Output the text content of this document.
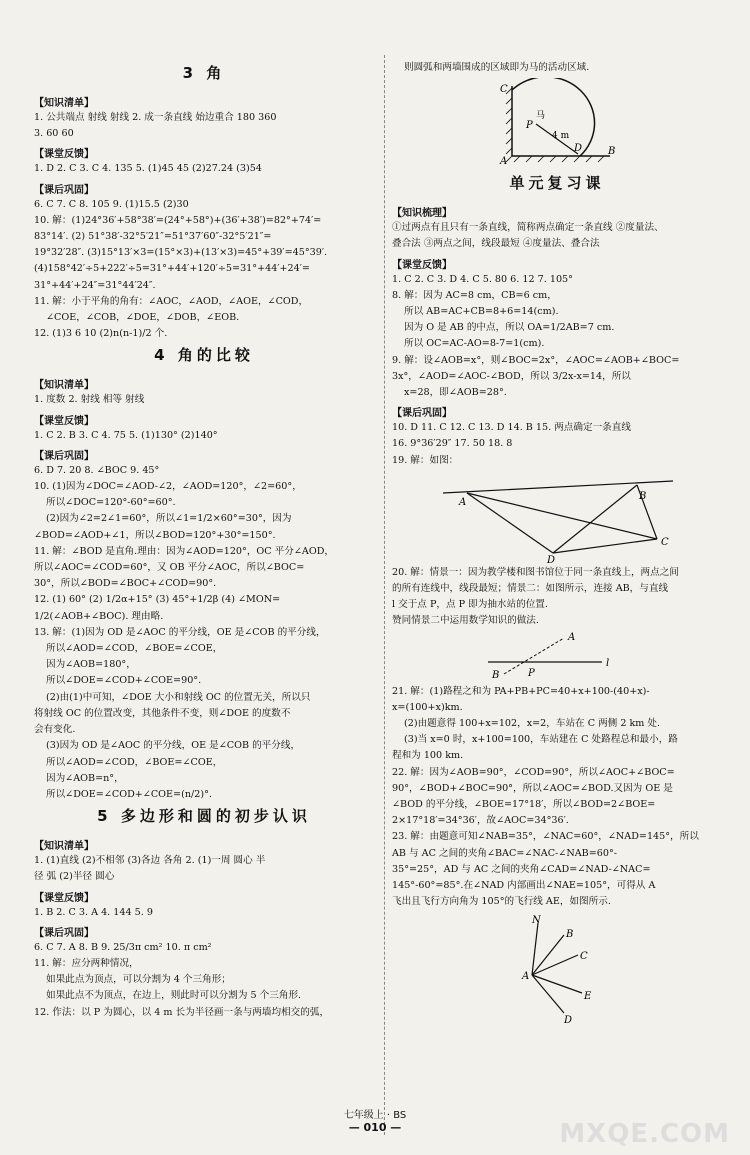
3 角
【知识清单】
1. 公共端点 射线 射线 2. 成一条直线 始边重合 180 360
3. 60 60
【课堂反馈】
1. D 2. C 3. C 4. 135 5. (1)45 45 (2)27.24 (3)54
【课后巩固】
6. C 7. C 8. 105 9. (1)15.5 (2)30
10. 解：(1)24°36′+58°38′=(24°+58°)+(36′+38′)=82°+74′=
83°14′. (2) 51°38′-32°5′21″=51°37′60″-32°5′21″=
19°32′28″. (3)15°13′×3=(15°×3)+(13′×3)=45°+39′=45°39′.
(4)158°42′÷5+222′÷5=31°+44′+120′÷5=31°+44′+24′=
31°+44′+24″=31°44′24″.
11. 解：小于平角的角有：∠AOC，∠AOD，∠AOE，∠COD，
∠COE，∠COB，∠DOE，∠DOB，∠EOB.
12. (1)3 6 10 (2)n(n-1)/2 个.
4 角的比较
【知识清单】
1. 度数 2. 射线 相等 射线
【课堂反馈】
1. C 2. B 3. C 4. 75 5. (1)130° (2)140°
【课后巩固】
6. D 7. 20 8. ∠BOC 9. 45°
10. (1)因为∠DOC=∠AOD-∠2，∠AOD=120°，∠2=60°，
所以∠DOC=120°-60°=60°.
(2)因为∠2=2∠1=60°，所以∠1=1/2×60°=30°，因为
∠BOD=∠AOD+∠1，所以∠BOD=120°+30°=150°.
11. 解：∠BOD 是直角.理由：因为∠AOD=120°，OC 平分∠AOD，
所以∠AOC=∠COD=60°，又 OB 平分∠AOC，所以∠BOC=
30°，所以∠BOD=∠BOC+∠COD=90°.
12. (1) 60° (2) 1/2α+15° (3) 45°+1/2β (4) ∠MON=
1/2(∠AOB+∠BOC). 理由略.
13. 解：(1)因为 OD 是∠AOC 的平分线，OE 是∠COB 的平分线，
所以∠AOD=∠COD，∠BOE=∠COE，
因为∠AOB=180°，
所以∠DOE=∠COD+∠COE=90°.
(2)由(1)中可知，∠DOE 大小和射线 OC 的位置无关，所以只
将射线 OC 的位置改变，其他条件不变，则∠DOE 的度数不
会有变化.
(3)因为 OD 是∠AOC 的平分线，OE 是∠COB 的平分线，
所以∠AOD=∠COD，∠BOE=∠COE，
因为∠AOB=n°，
所以∠DOE=∠COD+∠COE=(n/2)°.
5 多边形和圆的初步认识
【知识清单】
1. (1)直线 (2)不相邻 (3)各边 各角 2. (1)一周 圆心 半
径 弧 (2)半径 圆心
【课堂反馈】
1. B 2. C 3. A 4. 144 5. 9
【课后巩固】
6. C 7. A 8. B 9. 25/3π cm² 10. π cm²
11. 解：应分两种情况，
如果此点为顶点，可以分割为 4 个三角形；
如果此点不为顶点，在边上，则此时可以分割为 5 个三角形.
12. 作法：以 P 为圆心，以 4 m 长为半径画一条与两墙均相交的弧，
则圆弧和两墙围成的区域即为马的活动区域.
C
P
马
4 m
D	B
A
单元复习课
【知识梳理】
①过两点有且只有一条直线，简称两点确定一条直线 ②度量法、
叠合法 ③两点之间，线段最短 ④度量法、叠合法
【课堂反馈】
1. C 2. C 3. D 4. C 5. 80 6. 12 7. 105°
8. 解：因为 AC=8 cm，CB=6 cm，
所以 AB=AC+CB=8+6=14(cm).
因为 O 是 AB 的中点，所以 OA=1/2AB=7 cm.
所以 OC=AC-AO=8-7=1(cm).
9. 解：设∠AOB=x°，则∠BOC=2x°，∠AOC=∠AOB+∠BOC=
3x°，∠AOD=∠AOC-∠BOD，所以 3/2x-x=14，所以
x=28，即∠AOB=28°.
【课后巩固】
10. D 11. C 12. C 13. D 14. B 15. 两点确定一条直线
16. 9°36′29″ 17. 50 18. 8
19. 解：如图：
A
B
C
D
20. 解：情景一：因为教学楼和图书馆位于同一条直线上，两点之间
的所有连线中，线段最短；情景二：如图所示，连接 AB，与直线
l 交于点 P，点 P 即为抽水站的位置.
赞同情景二中运用数学知识的做法.
A
l
B	P
21. 解：(1)路程之和为 PA+PB+PC=40+x+100-(40+x)-
x=(100+x)km.
(2)由题意得 100+x=102，x=2，车站在 C 两侧 2 km 处.
(3)当 x=0 时，x+100=100，车站建在 C 处路程总和最小，路
程和为 100 km.
22. 解：因为∠AOB=90°，∠COD=90°，所以∠AOC+∠BOC=
90°，∠BOD+∠BOC=90°，所以∠AOC=∠BOD.又因为 OE 是
∠BOD 的平分线，∠BOE=17°18′，所以∠BOD=2∠BOE=
2×17°18′=34°36′，故∠AOC=34°36′.
23. 解：由题意可知∠NAB=35°，∠NAC=60°，∠NAD=145°，所以
AB 与 AC 之间的夹角∠BAC=∠NAC-∠NAB=60°-
35°=25°，AD 与 AC 之间的夹角∠CAD=∠NAD-∠NAC=
145°-60°=85°.在∠NAD 内部画出∠NAE=105°，可得从 A
飞出且飞行方向角为 105°的飞行线 AE，如图所示.
N
B
C
A
E
D
七年级上 · BS
— 010 —	MXQE.COM
